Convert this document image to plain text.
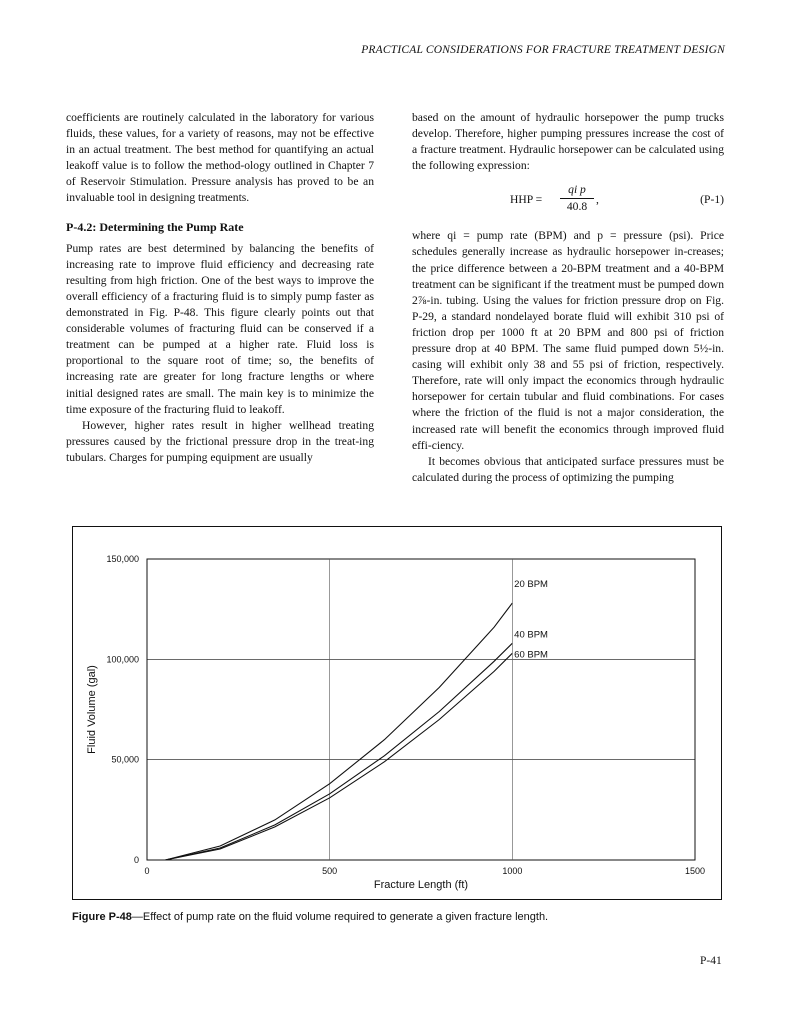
PRACTICAL CONSIDERATIONS FOR FRACTURE TREATMENT DESIGN

coefficients are routinely calculated in the laboratory for various fluids, these values, for a variety of reasons, may not be effective in an actual treatment. The best method for quantifying an actual leakoff value is to follow the method-ology outlined in Chapter 7 of Reservoir Stimulation. Pressure analysis has proved to be an invaluable tool in designing treatments.

P-4.2: Determining the Pump Rate

Pump rates are best determined by balancing the benefits of increasing rate to improve fluid efficiency and decreasing rate resulting from high friction. One of the best ways to improve the overall efficiency of a fracturing fluid is to simply pump faster as demonstrated in Fig. P-48. This figure clearly points out that considerable volumes of fracturing fluid can be conserved if a treatment can be pumped at a higher rate. Fluid loss is proportional to the square root of time; so, the benefits of increasing rate are greater for long fracture lengths or where initial designed rates are small. The main key is to minimize the time exposure of the fracturing fluid to leakoff.

However, higher rates result in higher wellhead treating pressures caused by the frictional pressure drop in the treat-ing tubulars. Charges for pumping equipment are usually

based on the amount of hydraulic horsepower the pump trucks develop. Therefore, higher pumping pressures increase the cost of a fracture treatment. Hydraulic horsepower can be calculated using the following expression:

HHP = $\frac{\text{qi p}}{40.8}$ ,	(P-1)

where qi = pump rate (BPM) and p = pressure (psi). Price schedules generally increase as hydraulic horsepower in-creases; the price difference between a 20-BPM treatment and a 40-BPM treatment can be significant if the treatment must be pumped down 2⅞-in. tubing. Using the values for friction pressure drop on Fig. P-29, a standard nondelayed borate fluid will exhibit 310 psi of friction drop per 1000 ft at 20 BPM and 800 psi of friction pressure drop at 40 BPM. The same fluid pumped down 5½-in. casing will exhibit only 38 and 55 psi of friction, respectively. Therefore, rate will only impact the economics through hydraulic horsepower for certain tubular and fluid combinations. For cases where the friction of the fluid is not a major consideration, the increased rate will benefit the economics through improved fluid effi-ciency.

It becomes obvious that anticipated surface pressures must be calculated during the process of optimizing the pumping

0
50,000
100,000
150,000
0	500	1000	1500
Fracture Length (ft)
Fluid Volume (gal)
20 BPM
40 BPM
60 BPM
Figure P-48—Effect of pump rate on the fluid volume required to generate a given fracture length.
P-41
